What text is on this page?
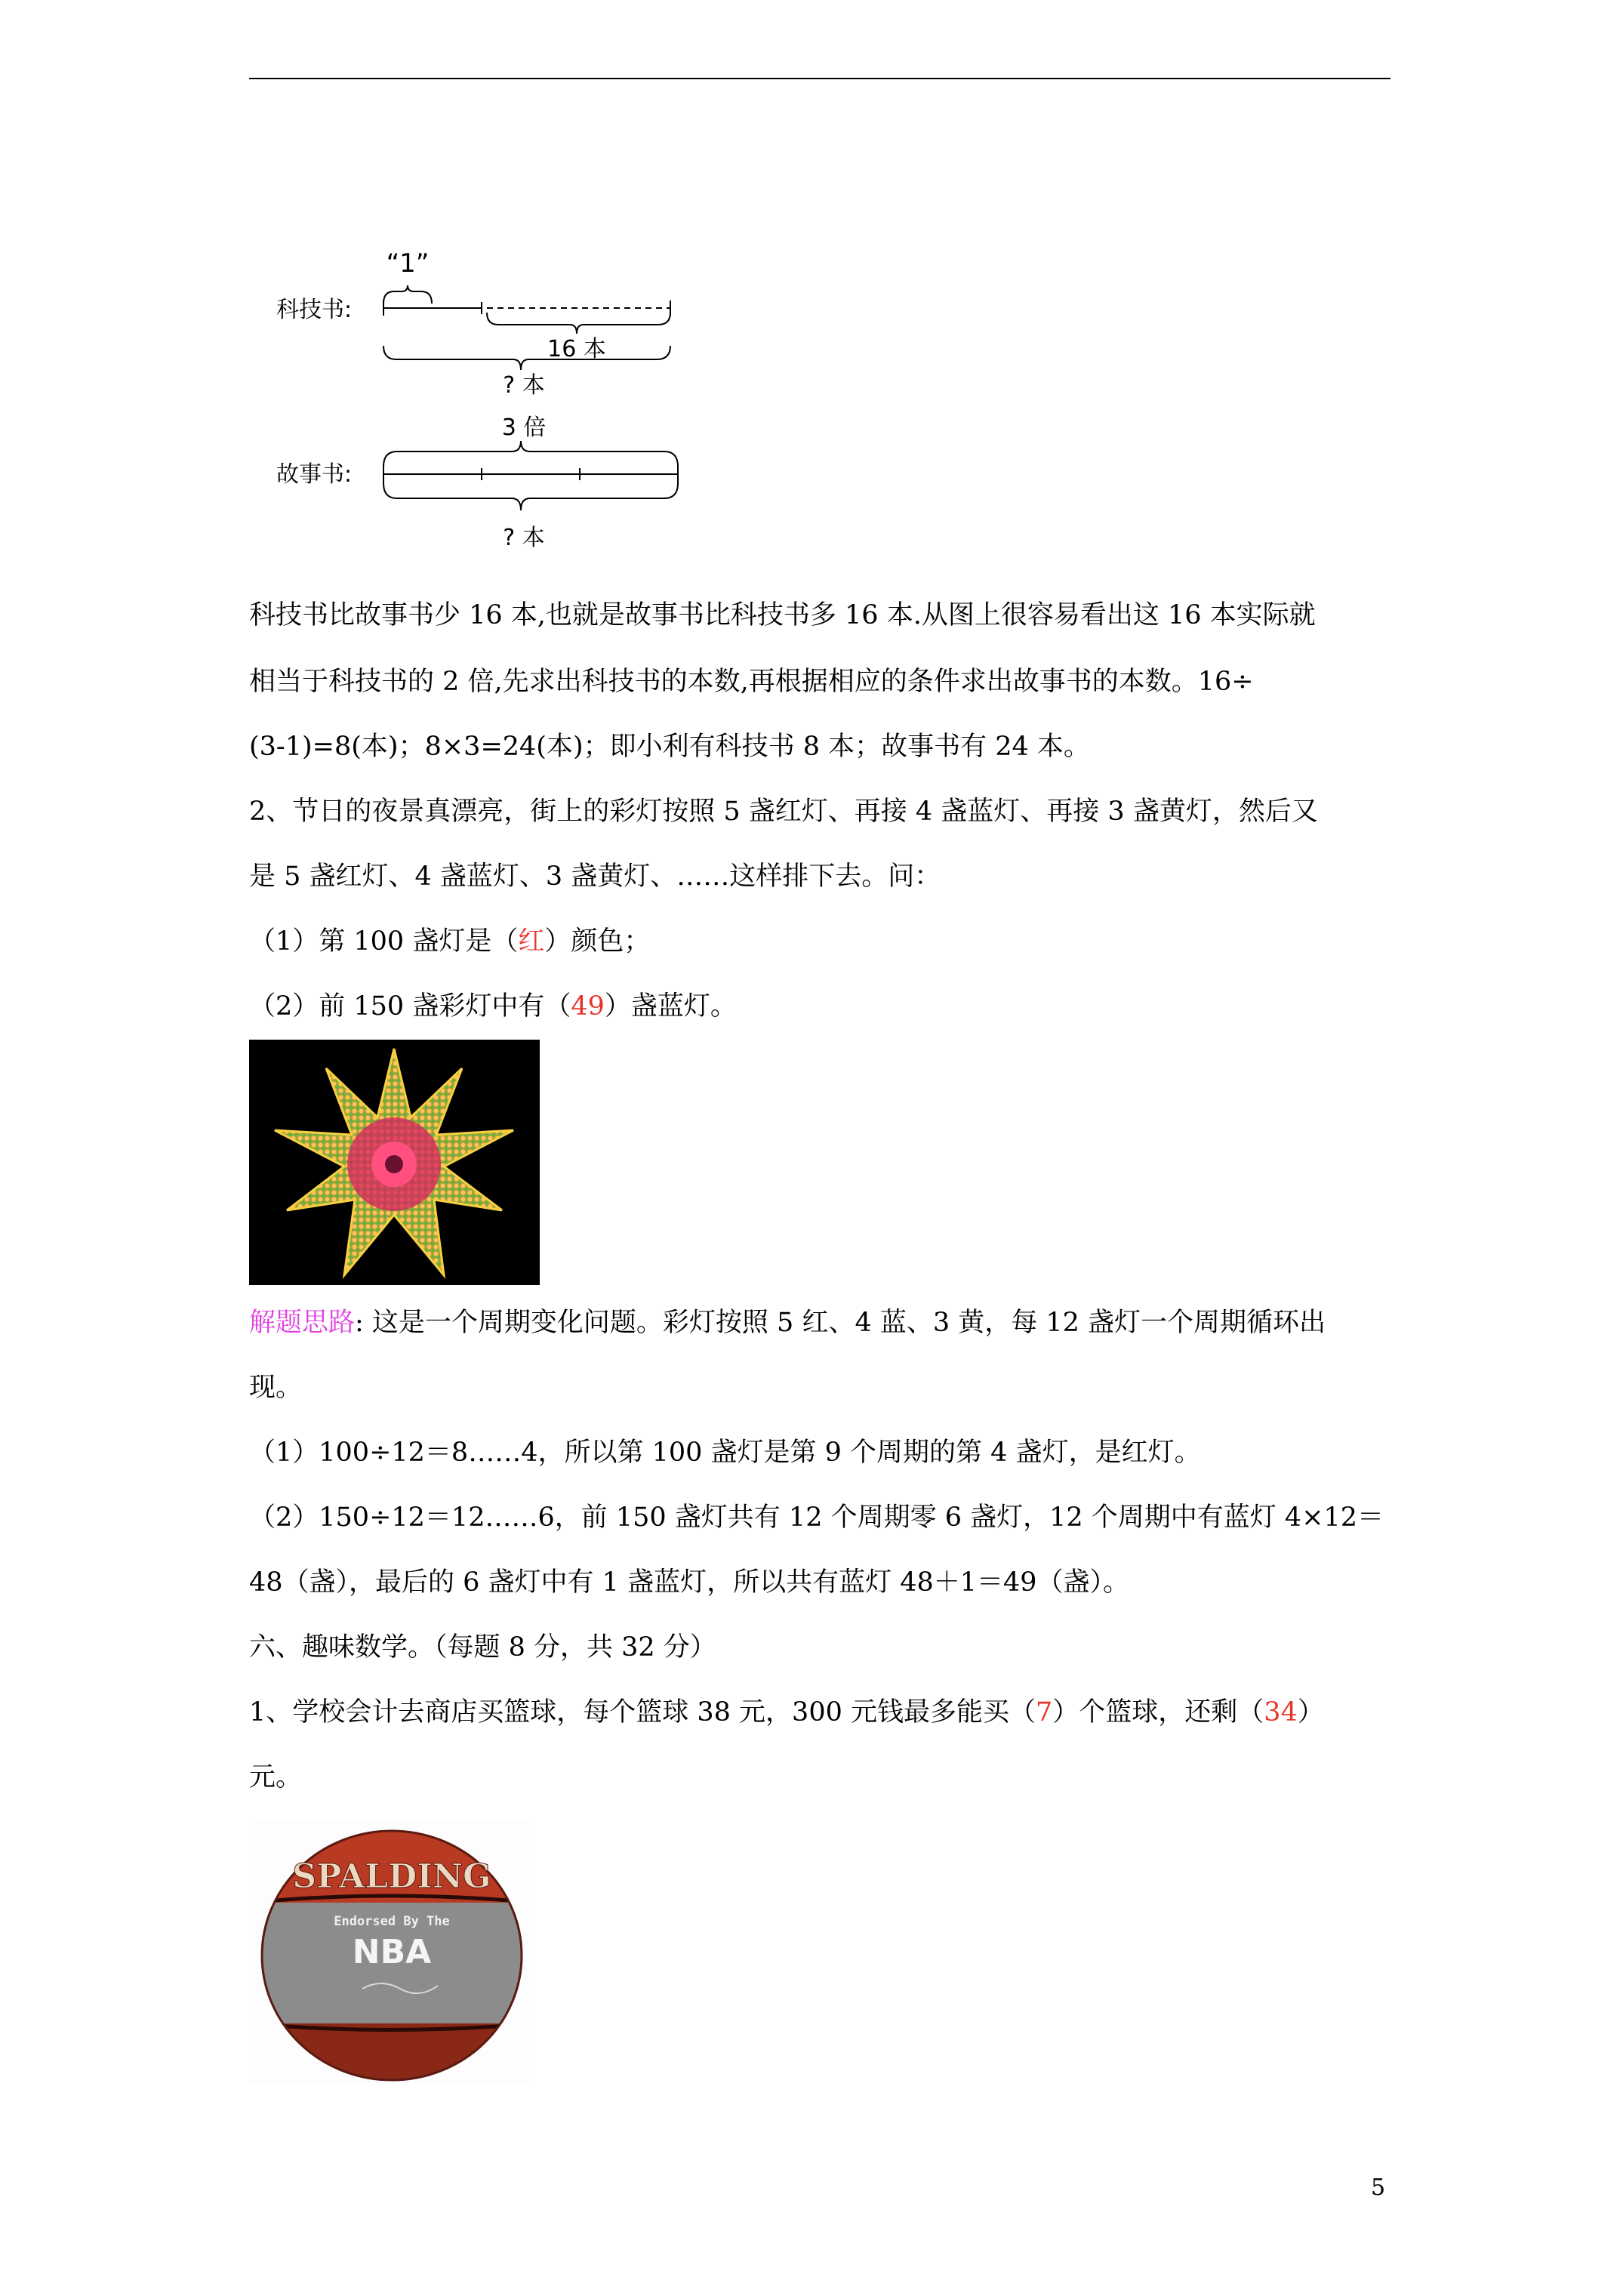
“1”
科技书:
16 本
? 本
3 倍
故事书:
? 本
科技书比故事书少 16 本,也就是故事书比科技书多 16 本.从图上很容易看出这 16 本实际就
相当于科技书的 2 倍,先求出科技书的本数,再根据相应的条件求出故事书的本数。16÷
(3-1)=8(本)；8×3=24(本)；即小利有科技书 8 本；故事书有 24 本。
2、节日的夜景真漂亮，街上的彩灯按照 5 盏红灯、再接 4 盏蓝灯、再接 3 盏黄灯，然后又
是 5 盏红灯、4 盏蓝灯、3 盏黄灯、……这样排下去。问：
（1）第 100 盏灯是（红）颜色；
（2）前 150 盏彩灯中有（49）盏蓝灯。
解题思路: 这是一个周期变化问题。彩灯按照 5 红、4 蓝、3 黄，每 12 盏灯一个周期循环出
现。
（1）100÷12＝8……4，所以第 100 盏灯是第 9 个周期的第 4 盏灯，是红灯。
（2）150÷12＝12……6，前 150 盏灯共有 12 个周期零 6 盏灯，12 个周期中有蓝灯 4×12＝
48（盏），最后的 6 盏灯中有 1 盏蓝灯，所以共有蓝灯 48＋1＝49（盏）。
六、趣味数学。（每题 8 分，共 32 分）
1、学校会计去商店买篮球，每个篮球 38 元，300 元钱最多能买（7）个篮球，还剩（34）
元。
SPALDING
Endorsed By The
NBA
5
